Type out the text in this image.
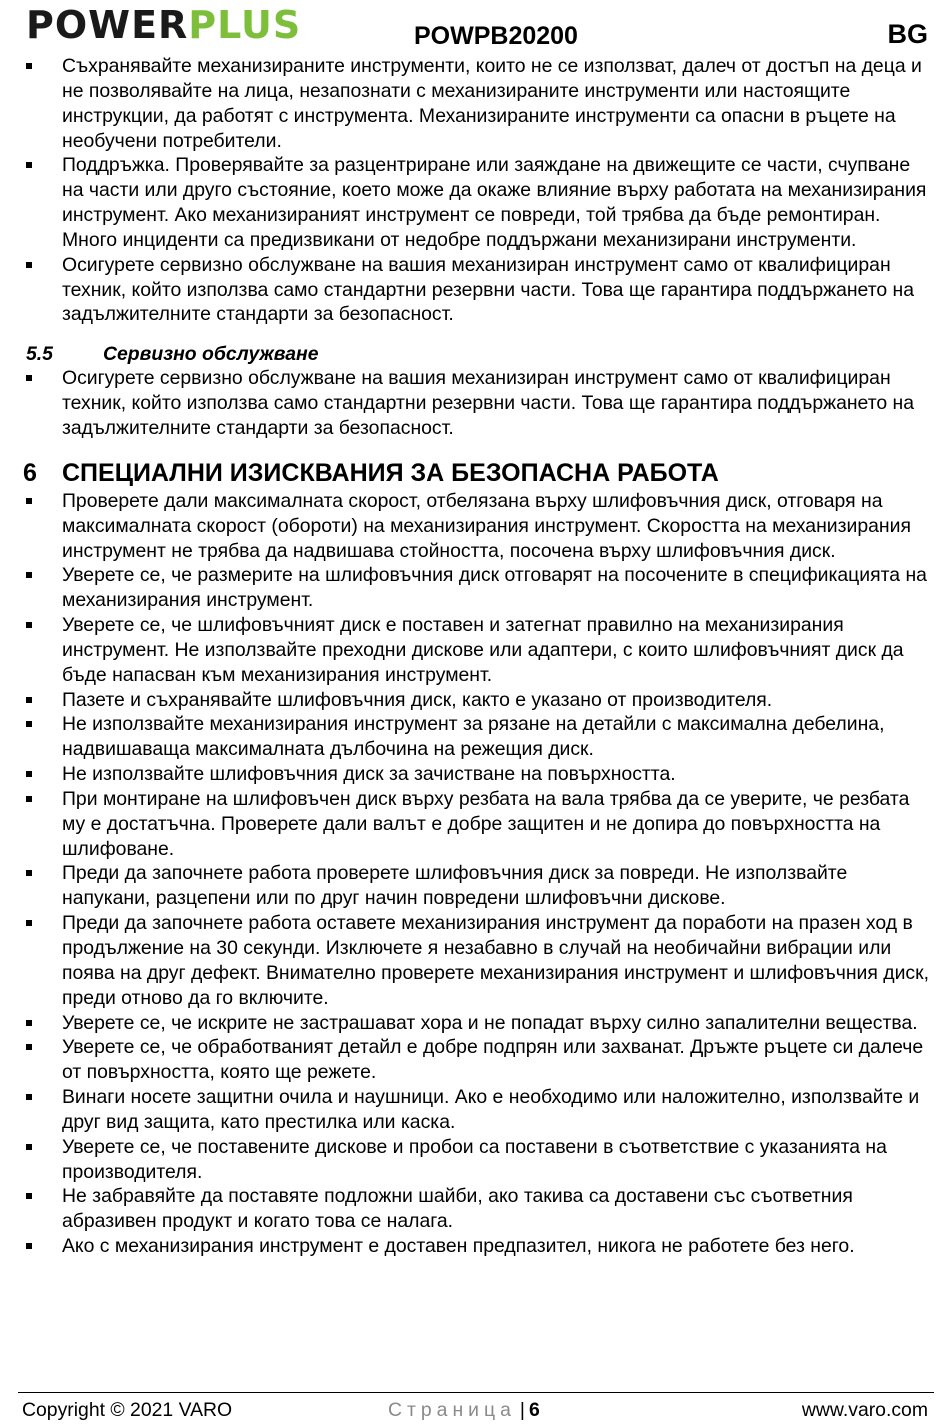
POWERPLUS	POWPB20200	BG
Съхранявайте механизираните инструменти, които не се използват, далеч от достъп на деца и не позволявайте на лица, незапознати с механизираните инструменти или настоящите инструкции, да работят с инструмента. Механизираните инструменти са опасни в ръцете на необучени потребители.
Поддръжка. Проверявайте за разцентриране или заяждане на движещите се части, счупване на части или друго състояние, което може да окаже влияние върху работата на механизирания инструмент. Ако механизираният инструмент се повреди, той трябва да бъде ремонтиран. Много инциденти са предизвикани от недобре поддържани механизирани инструменти.
Осигурете сервизно обслужване на вашия механизиран инструмент само от квалифициран техник, който използва само стандартни резервни части. Това ще гарантира поддържането на задължителните стандарти за безопасност.
5.5	Сервизно обслужване
Осигурете сервизно обслужване на вашия механизиран инструмент само от квалифициран техник, който използва само стандартни резервни части. Това ще гарантира поддържането на задължителните стандарти за безопасност.
6 СПЕЦИАЛНИ ИЗИСКВАНИЯ ЗА БЕЗОПАСНА РАБОТА
Проверете дали максималната скорост, отбелязана върху шлифовъчния диск, отговаря на максималната скорост (обороти) на механизирания инструмент. Скоростта на механизирания инструмент не трябва да надвишава стойността, посочена върху шлифовъчния диск.
Уверете се, че размерите на шлифовъчния диск отговарят на посочените в спецификацията на механизирания инструмент.
Уверете се, че шлифовъчният диск е поставен и затегнат правилно на механизирания инструмент. Не използвайте преходни дискове или адаптери, с които шлифовъчният диск да бъде напасван към механизирания инструмент.
Пазете и съхранявайте шлифовъчния диск, както е указано от производителя.
Не използвайте механизирания инструмент за рязане на детайли с максимална дебелина, надвишаваща максималната дълбочина на режещия диск.
Не използвайте шлифовъчния диск за зачистване на повърхността.
При монтиране на шлифовъчен диск върху резбата на вала трябва да се уверите, че резбата му е достатъчна. Проверете дали валът е добре защитен и не допира до повърхността на шлифоване.
Преди да започнете работа проверете шлифовъчния диск за повреди. Не използвайте напукани, разцепени или по друг начин повредени шлифовъчни дискове.
Преди да започнете работа оставете механизирания инструмент да поработи на празен ход в продължение на 30 секунди. Изключете я незабавно в случай на необичайни вибрации или поява на друг дефект. Внимателно проверете механизирания инструмент и шлифовъчния диск, преди отново да го включите.
Уверете се, че искрите не застрашават хора и не попадат върху силно запалителни вещества.
Уверете се, че обработваният детайл е добре подпрян или захванат. Дръжте ръцете си далече от повърхността, която ще режете.
Винаги носете защитни очила и наушници. Ако е необходимо или наложително, използвайте и друг вид защита, като престилка или каска.
Уверете се, че поставените дискове и пробои са поставени в съответствие с указанията на производителя.
Не забравяйте да поставяте подложни шайби, ако такива са доставени със съответния абразивен продукт и когато това се налага.
Ако с механизирания инструмент е доставен предпазител, никога не работете без него.
Copyright © 2021 VARO	Страница | 6	www.varo.com
